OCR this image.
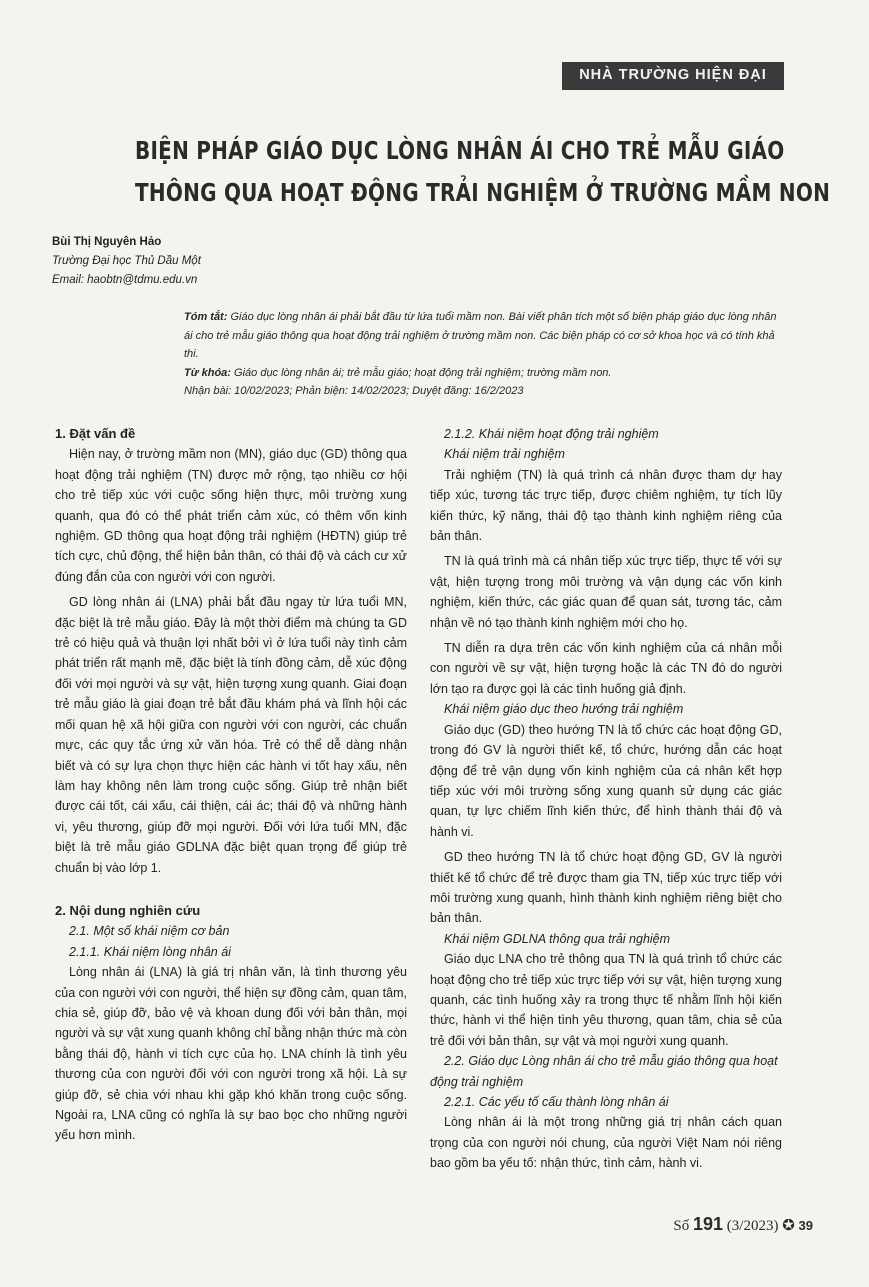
NHÀ TRƯỜNG HIỆN ĐẠI
BIỆN PHÁP GIÁO DỤC LÒNG NHÂN ÁI CHO TRẺ MẪU GIÁO
THÔNG QUA HOẠT ĐỘNG TRẢI NGHIỆM Ở TRƯỜNG MẦM NON
Bùi Thị Nguyên Hảo
Trường Đại học Thủ Dầu Một
Email: haobtn@tdmu.edu.vn
Tóm tắt: Giáo dục lòng nhân ái phải bắt đầu từ lứa tuổi mầm non. Bài viết phân tích một số biện pháp giáo dục lòng nhân ái cho trẻ mẫu giáo thông qua hoạt động trải nghiệm ở trường mầm non. Các biện pháp có cơ sở khoa học và có tính khả thi.
Từ khóa: Giáo dục lòng nhân ái; trẻ mẫu giáo; hoạt động trải nghiệm; trường mầm non.
Nhận bài: 10/02/2023; Phản biện: 14/02/2023; Duyệt đăng: 16/2/2023
1. Đặt vấn đề

Hiện nay, ở trường mầm non (MN), giáo dục (GD) thông qua hoạt động trải nghiệm (TN) được mở rộng, tạo nhiều cơ hội cho trẻ tiếp xúc với cuộc sống hiện thực, môi trường xung quanh, qua đó có thể phát triển cảm xúc, có thêm vốn kinh nghiệm. GD thông qua hoạt động trải nghiệm (HĐTN) giúp trẻ tích cực, chủ động, thể hiện bản thân, có thái độ và cách cư xử đúng đắn của con người với con người.

GD lòng nhân ái (LNA) phải bắt đầu ngay từ lứa tuổi MN, đặc biệt là trẻ mẫu giáo. Đây là một thời điểm mà chúng ta GD trẻ có hiệu quả và thuận lợi nhất bởi vì ở lứa tuổi này tình cảm phát triển rất mạnh mẽ, đặc biệt là tính đồng cảm, dễ xúc động đối với mọi người và sự vật, hiện tượng xung quanh. Giai đoạn trẻ mẫu giáo là giai đoạn trẻ bắt đầu khám phá và lĩnh hội các mối quan hệ xã hội giữa con người với con người, các chuẩn mực, các quy tắc ứng xử văn hóa. Trẻ có thể dễ dàng nhận biết và có sự lựa chọn thực hiện các hành vi tốt hay xấu, nên làm hay không nên làm trong cuộc sống. Giúp trẻ nhận biết được cái tốt, cái xấu, cái thiện, cái ác; thái độ và những hành vi, yêu thương, giúp đỡ mọi người. Đối với lứa tuổi MN, đặc biệt là trẻ mẫu giáo GDLNA đặc biệt quan trọng để giúp trẻ chuẩn bị vào lớp 1.

2. Nội dung nghiên cứu
2.1. Một số khái niệm cơ bản
2.1.1. Khái niệm lòng nhân ái

Lòng nhân ái (LNA) là giá trị nhân văn, là tình thương yêu của con người với con người, thể hiện sự đồng cảm, quan tâm, chia sẻ, giúp đỡ, bảo vệ và khoan dung đối với bản thân, mọi người và sự vật xung quanh không chỉ bằng nhận thức mà còn bằng thái độ, hành vi tích cực của họ. LNA chính là tình yêu thương của con người đối với con người trong xã hội. Là sự giúp đỡ, sẻ chia với nhau khi gặp khó khăn trong cuộc sống. Ngoài ra, LNA cũng có nghĩa là sự bao bọc cho những người yếu hơn mình.

2.1.2. Khái niệm hoạt động trải nghiệm
Khái niệm trải nghiệm

Trải nghiệm (TN) là quá trình cá nhân được tham dự hay tiếp xúc, tương tác trực tiếp, được chiêm nghiệm, tự tích lũy kiến thức, kỹ năng, thái độ tạo thành kinh nghiệm riêng của bản thân.

TN là quá trình mà cá nhân tiếp xúc trực tiếp, thực tế với sự vật, hiện tượng trong môi trường và vận dụng các vốn kinh nghiệm, kiến thức, các giác quan để quan sát, tương tác, cảm nhận về nó tạo thành kinh nghiệm mới cho họ.

TN diễn ra dựa trên các vốn kinh nghiệm của cá nhân mỗi con người về sự vật, hiện tượng hoặc là các TN đó do người lớn tạo ra được gọi là các tình huống giả định.

Khái niệm giáo dục theo hướng trải nghiệm

Giáo dục (GD) theo hướng TN là tổ chức các hoạt động GD, trong đó GV là người thiết kế, tổ chức, hướng dẫn các hoạt động để trẻ vận dụng vốn kinh nghiệm của cá nhân kết hợp tiếp xúc với môi trường sống xung quanh sử dụng các giác quan, tự lực chiếm lĩnh kiến thức, để hình thành thái độ và hành vi.

GD theo hướng TN là tổ chức hoạt động GD, GV là người thiết kế tổ chức để trẻ được tham gia TN, tiếp xúc trực tiếp với môi trường xung quanh, hình thành kinh nghiệm riêng biệt cho bản thân.

Khái niệm GDLNA thông qua trải nghiệm

Giáo dục LNA cho trẻ thông qua TN là quá trình tổ chức các hoạt động cho trẻ tiếp xúc trực tiếp với sự vật, hiện tượng xung quanh, các tình huống xảy ra trong thực tế nhằm lĩnh hội kiến thức, hành vi thể hiện tình yêu thương, quan tâm, chia sẻ của trẻ đối với bản thân, sự vật và mọi người xung quanh.

2.2. Giáo dục Lòng nhân ái cho trẻ mẫu giáo thông qua hoạt động trải nghiệm
2.2.1. Các yếu tố cấu thành lòng nhân ái

Lòng nhân ái là một trong những giá trị nhân cách quan trọng của con người nói chung, của người Việt Nam nói riêng bao gồm ba yếu tố: nhận thức, tình cảm, hành vi.

Số 191 (3/2023) ✪ 39
